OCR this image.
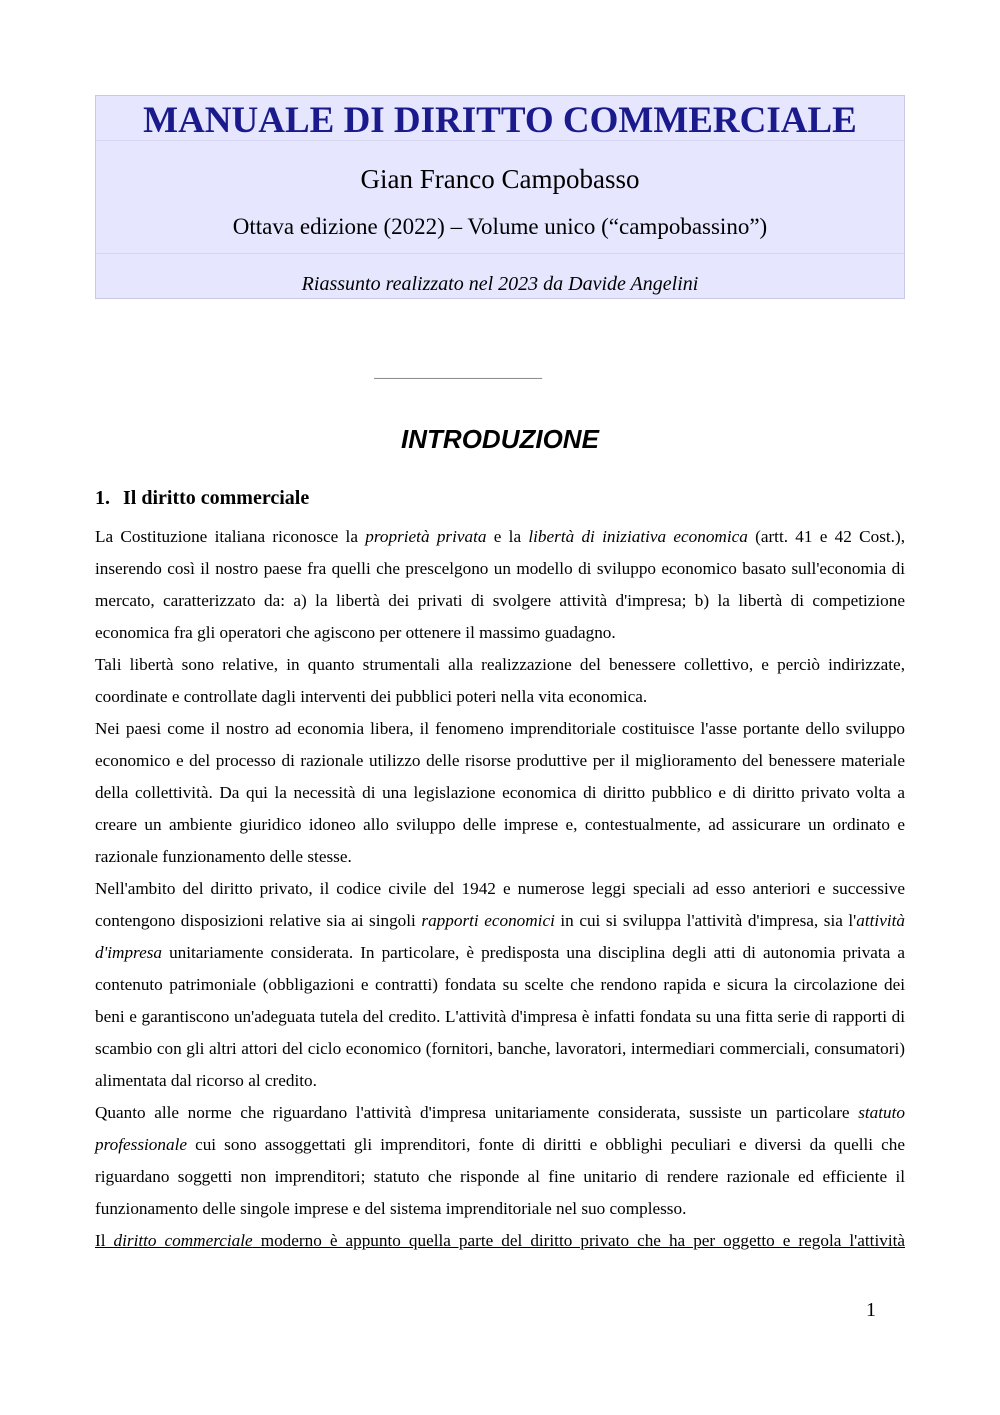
MANUALE DI DIRITTO COMMERCIALE

Gian Franco Campobasso

Ottava edizione (2022) – Volume unico (“campobassino”)

Riassunto realizzato nel 2023 da Davide Angelini

________________________

INTRODUZIONE
1. Il diritto commerciale

La Costituzione italiana riconosce la proprietà privata e la libertà di iniziativa economica (artt. 41 e 42 Cost.), inserendo così il nostro paese fra quelli che prescelgono un modello di sviluppo economico basato sull'economia di mercato, caratterizzato da: a) la libertà dei privati di svolgere attività d'impresa; b) la libertà di competizione economica fra gli operatori che agiscono per ottenere il massimo guadagno.

Tali libertà sono relative, in quanto strumentali alla realizzazione del benessere collettivo, e perciò indirizzate, coordinate e controllate dagli interventi dei pubblici poteri nella vita economica.

Nei paesi come il nostro ad economia libera, il fenomeno imprenditoriale costituisce l'asse portante dello sviluppo economico e del processo di razionale utilizzo delle risorse produttive per il miglioramento del benessere materiale della collettività. Da qui la necessità di una legislazione economica di diritto pubblico e di diritto privato volta a creare un ambiente giuridico idoneo allo sviluppo delle imprese e, contestualmente, ad assicurare un ordinato e razionale funzionamento delle stesse.

Nell'ambito del diritto privato, il codice civile del 1942 e numerose leggi speciali ad esso anteriori e successive contengono disposizioni relative sia ai singoli rapporti economici in cui si sviluppa l'attività d'impresa, sia l'attività d'impresa unitariamente considerata. In particolare, è predisposta una disciplina degli atti di autonomia privata a contenuto patrimoniale (obbligazioni e contratti) fondata su scelte che rendono rapida e sicura la circolazione dei beni e garantiscono un'adeguata tutela del credito. L'attività d'impresa è infatti fondata su una fitta serie di rapporti di scambio con gli altri attori del ciclo economico (fornitori, banche, lavoratori, intermediari commerciali, consumatori) alimentata dal ricorso al credito.

Quanto alle norme che riguardano l'attività d'impresa unitariamente considerata, sussiste un particolare statuto professionale cui sono assoggettati gli imprenditori, fonte di diritti e obblighi peculiari e diversi da quelli che riguardano soggetti non imprenditori; statuto che risponde al fine unitario di rendere razionale ed efficiente il funzionamento delle singole imprese e del sistema imprenditoriale nel suo complesso.

Il diritto commerciale moderno è appunto quella parte del diritto privato che ha per oggetto e regola l'attività

1
